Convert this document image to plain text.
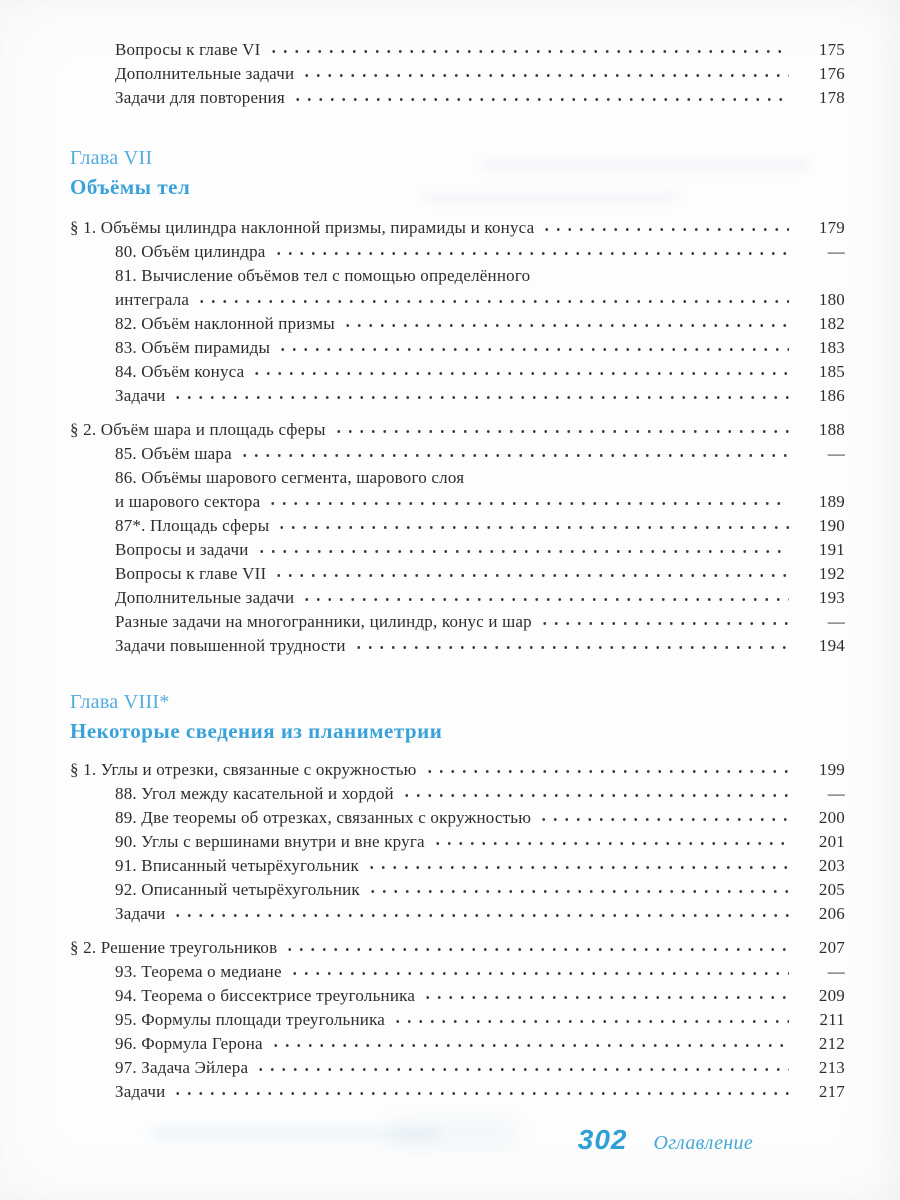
Вопросы к главе VI	175
Дополнительные задачи	176
Задачи для повторения	178
Глава VII
Объёмы тел
§ 1. Объёмы цилиндра наклонной призмы, пирамиды и конуса	179
80. Объём цилиндра	—
81. Вычисление объёмов тел с помощью определённого
интеграла	180
82. Объём наклонной призмы	182
83. Объём пирамиды	183
84. Объём конуса	185
Задачи	186
§ 2. Объём шара и площадь сферы	188
85. Объём шара	—
86. Объёмы шарового сегмента, шарового слоя
и шарового сектора	189
87*. Площадь сферы	190
Вопросы и задачи	191
Вопросы к главе VII	192
Дополнительные задачи	193
Разные задачи на многогранники, цилиндр, конус и шар	—
Задачи повышенной трудности	194
Глава VIII*
Некоторые сведения из планиметрии
§ 1. Углы и отрезки, связанные с окружностью	199
88. Угол между касательной и хордой	—
89. Две теоремы об отрезках, связанных с окружностью	200
90. Углы с вершинами внутри и вне круга	201
91. Вписанный четырёхугольник	203
92. Описанный четырёхугольник	205
Задачи	206
§ 2. Решение треугольников	207
93. Теорема о медиане	—
94. Теорема о биссектрисе треугольника	209
95. Формулы площади треугольника	211
96. Формула Герона	212
97. Задача Эйлера	213
Задачи	217
302 Оглавление
